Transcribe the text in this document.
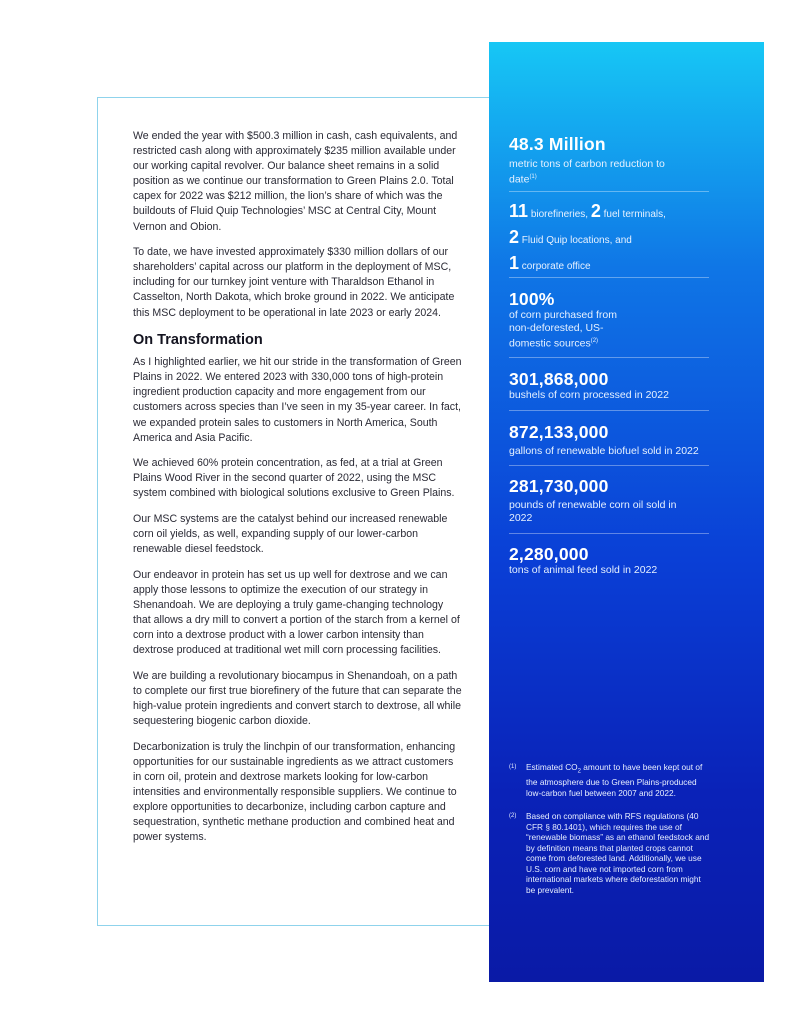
We ended the year with $500.3 million in cash, cash equivalents, and restricted cash along with approximately $235 million available under our working capital revolver. Our balance sheet remains in a solid position as we continue our transformation to Green Plains 2.0. Total capex for 2022 was $212 million, the lion’s share of which was the buildouts of Fluid Quip Technologies’ MSC at Central City, Mount Vernon and Obion.

To date, we have invested approximately $330 million dollars of our shareholders’ capital across our platform in the deployment of MSC, including for our turnkey joint venture with Tharaldson Ethanol in Casselton, North Dakota, which broke ground in 2022. We anticipate this MSC deployment to be operational in late 2023 or early 2024.

On Transformation

As I highlighted earlier, we hit our stride in the transformation of Green Plains in 2022. We entered 2023 with 330,000 tons of high-protein ingredient production capacity and more engagement from our customers across species than I’ve seen in my 35-year career. In fact, we expanded protein sales to customers in North America, South America and Asia Pacific.

We achieved 60% protein concentration, as fed, at a trial at Green Plains Wood River in the second quarter of 2022, using the MSC system combined with biological solutions exclusive to Green Plains.

Our MSC systems are the catalyst behind our increased renewable corn oil yields, as well, expanding supply of our lower-carbon renewable diesel feedstock.

Our endeavor in protein has set us up well for dextrose and we can apply those lessons to optimize the execution of our strategy in Shenandoah. We are deploying a truly game-changing technology that allows a dry mill to convert a portion of the starch from a kernel of corn into a dextrose product with a lower carbon intensity than dextrose produced at traditional wet mill corn processing facilities.

We are building a revolutionary biocampus in Shenandoah, on a path to complete our first true biorefinery of the future that can separate the high-value protein ingredients and convert starch to dextrose, all while sequestering biogenic carbon dioxide.

Decarbonization is truly the linchpin of our transformation, enhancing opportunities for our sustainable ingredients as we attract customers in corn oil, protein and dextrose markets looking for low-carbon intensities and environmentally responsible suppliers. We continue to explore opportunities to decarbonize, including carbon capture and sequestration, synthetic methane production and combined heat and power systems.

48.3 Million
metric tons of carbon reduction to date$^{(1)}$
11 biorefineries, 2 fuel terminals,
2 Fluid Quip locations, and
1 corporate office
100%
of corn purchased from non-deforested, US-domestic sources$^{(2)}$
301,868,000
bushels of corn processed in 2022
872,133,000
gallons of renewable biofuel sold in 2022
281,730,000
pounds of renewable corn oil sold in 2022
2,280,000
tons of animal feed sold in 2022
(1) Estimated $CO_2$ amount to have been kept out of the atmosphere due to Green Plains-produced low-carbon fuel between 2007 and 2022.
(2) Based on compliance with RFS regulations (40 CFR § 80.1401), which requires the use of “renewable biomass” as an ethanol feedstock and by definition means that planted crops cannot come from deforested land. Additionally, we use U.S. corn and have not imported corn from international markets where deforestation might be prevalent.
